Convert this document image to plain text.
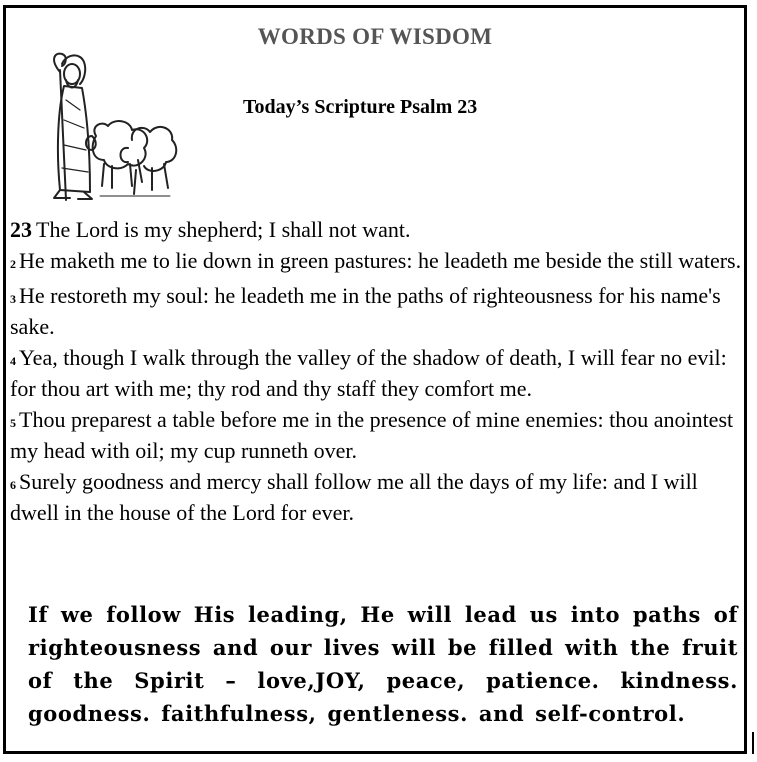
WORDS OF WISDOM
Today’s Scripture Psalm 23

23 The Lord is my shepherd; I shall not want.

2 He maketh me to lie down in green pastures: he leadeth me beside the still waters.

3 He restoreth my soul: he leadeth me in the paths of righteousness for his name's sake.

4 Yea, though I walk through the valley of the shadow of death, I will fear no evil: for thou art with me; thy rod and thy staff they comfort me.

5 Thou preparest a table before me in the presence of mine enemies: thou anointest my head with oil; my cup runneth over.

6 Surely goodness and mercy shall follow me all the days of my life: and I will dwell in the house of the Lord for ever.

If we follow His leading, He will lead us into paths of righteousness and our lives will be filled with the fruit of the Spirit – love,JOY, peace, patience. kindness. goodness. faithfulness, gentleness. and self-control.
